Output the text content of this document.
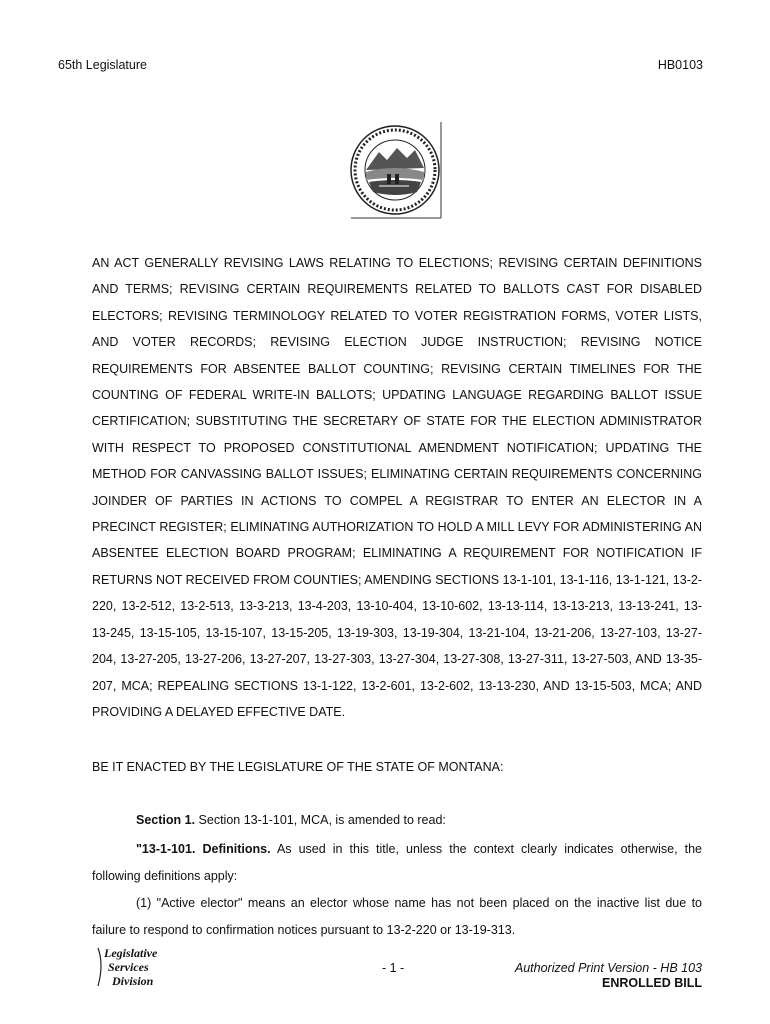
65th Legislature	HB0103
AN ACT GENERALLY REVISING LAWS RELATING TO ELECTIONS; REVISING CERTAIN DEFINITIONS AND TERMS; REVISING CERTAIN REQUIREMENTS RELATED TO BALLOTS CAST FOR DISABLED ELECTORS; REVISING TERMINOLOGY RELATED TO VOTER REGISTRATION FORMS, VOTER LISTS, AND VOTER RECORDS; REVISING ELECTION JUDGE INSTRUCTION; REVISING NOTICE REQUIREMENTS FOR ABSENTEE BALLOT COUNTING; REVISING CERTAIN TIMELINES FOR THE COUNTING OF FEDERAL WRITE-IN BALLOTS; UPDATING LANGUAGE REGARDING BALLOT ISSUE CERTIFICATION; SUBSTITUTING THE SECRETARY OF STATE FOR THE ELECTION ADMINISTRATOR WITH RESPECT TO PROPOSED CONSTITUTIONAL AMENDMENT NOTIFICATION; UPDATING THE METHOD FOR CANVASSING BALLOT ISSUES; ELIMINATING CERTAIN REQUIREMENTS CONCERNING JOINDER OF PARTIES IN ACTIONS TO COMPEL A REGISTRAR TO ENTER AN ELECTOR IN A PRECINCT REGISTER; ELIMINATING AUTHORIZATION TO HOLD A MILL LEVY FOR ADMINISTERING AN ABSENTEE ELECTION BOARD PROGRAM; ELIMINATING A REQUIREMENT FOR NOTIFICATION IF RETURNS NOT RECEIVED FROM COUNTIES; AMENDING SECTIONS 13-1-101, 13-1-116, 13-1-121, 13-2-220, 13-2-512, 13-2-513, 13-3-213, 13-4-203, 13-10-404, 13-10-602, 13-13-114, 13-13-213, 13-13-241, 13-13-245, 13-15-105, 13-15-107, 13-15-205, 13-19-303, 13-19-304, 13-21-104, 13-21-206, 13-27-103, 13-27-204, 13-27-205, 13-27-206, 13-27-207, 13-27-303, 13-27-304, 13-27-308, 13-27-311, 13-27-503, AND 13-35-207, MCA; REPEALING SECTIONS 13-1-122, 13-2-601, 13-2-602, 13-13-230, AND 13-15-503, MCA; AND PROVIDING A DELAYED EFFECTIVE DATE.
BE IT ENACTED BY THE LEGISLATURE OF THE STATE OF MONTANA:
Section 1. Section 13-1-101, MCA, is amended to read:
"13-1-101. Definitions. As used in this title, unless the context clearly indicates otherwise, the following definitions apply:
(1) "Active elector" means an elector whose name has not been placed on the inactive list due to failure to respond to confirmation notices pursuant to 13-2-220 or 13-19-313.
Legislative
Services
Division
- 1 -	Authorized Print Version - HB 103
ENROLLED BILL
